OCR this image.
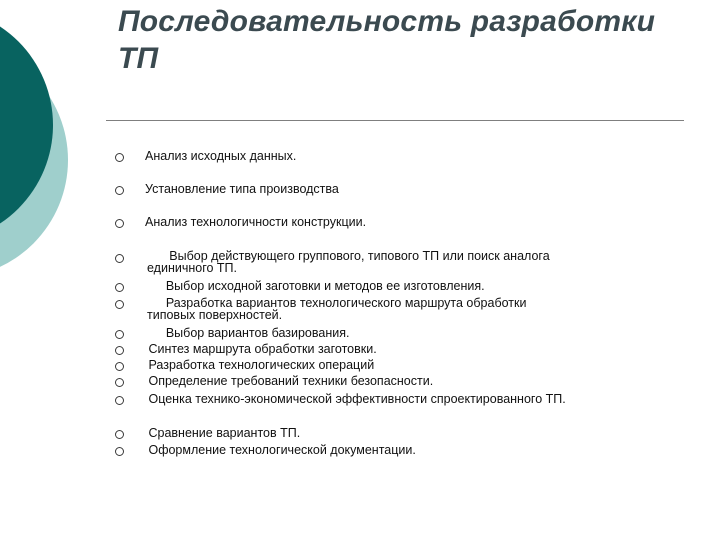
Последовательность разработки
ТП
Анализ исходных данных.
Установление типа производства
Анализ технологичности конструкции.
Выбор действующего группового, типового ТП или поиск аналога
единичного ТП.
Выбор исходной заготовки и методов ее изготовления.
Разработка вариантов технологического маршрута обработки
типовых поверхностей.
Выбор вариантов базирования.
Синтез маршрута обработки заготовки.
Разработка технологических операций
Определение требований техники безопасности.
Оценка технико-экономической эффективности спроектированного ТП.
Сравнение вариантов ТП.
Оформление технологической документации.
